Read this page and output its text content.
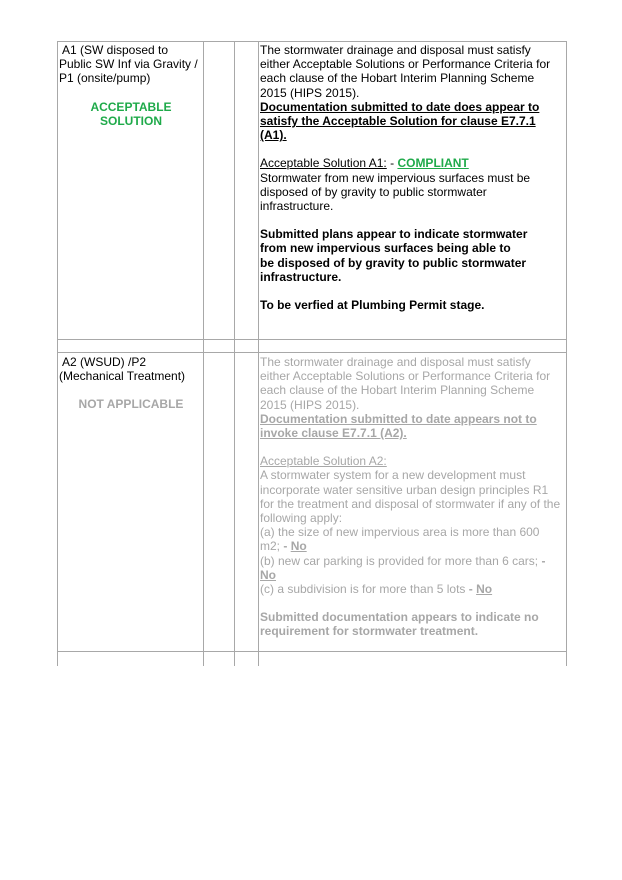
A1 (SW disposed to
Public SW Inf via Gravity /
P1 (onsite/pump)
ACCEPTABLE
SOLUTION
The stormwater drainage and disposal must satisfy
either Acceptable Solutions or Performance Criteria for
each clause of the Hobart Interim Planning Scheme
2015 (HIPS 2015).
Documentation submitted to date does appear to
satisfy the Acceptable Solution for clause E7.7.1
(A1).
Acceptable Solution A1: - COMPLIANT
Stormwater from new impervious surfaces must be
disposed of by gravity to public stormwater
infrastructure.
Submitted plans appear to indicate stormwater
from new impervious surfaces being able to
be disposed of by gravity to public stormwater
infrastructure.
To be verfied at Plumbing Permit stage.
A2 (WSUD) /P2
(Mechanical Treatment)
NOT APPLICABLE
The stormwater drainage and disposal must satisfy
either Acceptable Solutions or Performance Criteria for
each clause of the Hobart Interim Planning Scheme
2015 (HIPS 2015).
Documentation submitted to date appears not to
invoke clause E7.7.1 (A2).
Acceptable Solution A2:
A stormwater system for a new development must
incorporate water sensitive urban design principles R1
for the treatment and disposal of stormwater if any of the
following apply:
(a) the size of new impervious area is more than 600
m2; - No
(b) new car parking is provided for more than 6 cars; -
No
(c) a subdivision is for more than 5 lots - No
Submitted documentation appears to indicate no
requirement for stormwater treatment.
